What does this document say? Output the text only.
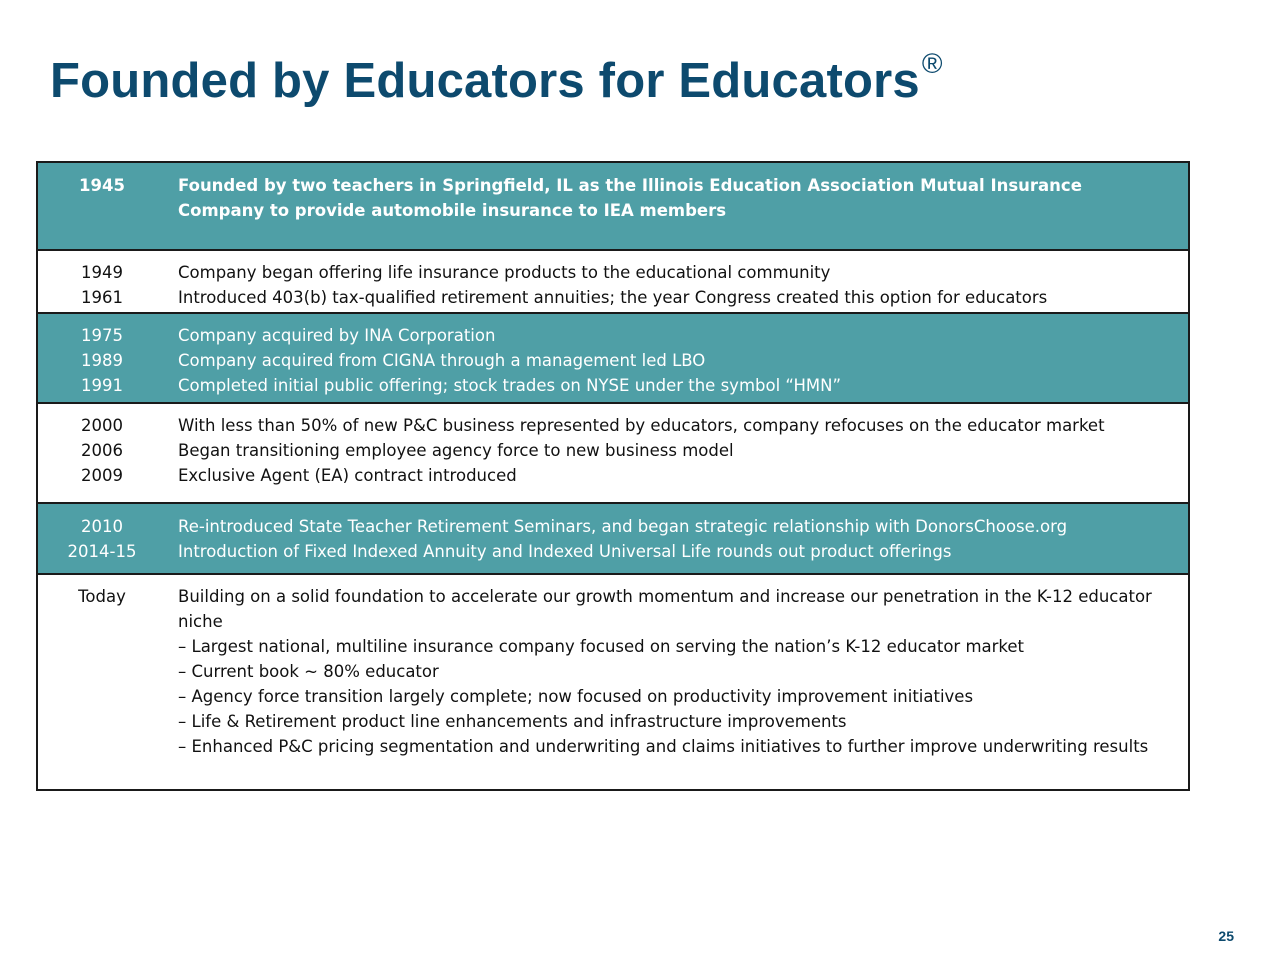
Founded by Educators for Educators®
1945	Founded by two teachers in Springfield, IL as the Illinois Education Association Mutual Insurance Company to provide automobile insurance to IEA members
1949	Company began offering life insurance products to the educational community
1961	Introduced 403(b) tax-qualified retirement annuities; the year Congress created this option for educators
1975	Company acquired by INA Corporation
1989	Company acquired from CIGNA through a management led LBO
1991	Completed initial public offering; stock trades on NYSE under the symbol “HMN”
2000	With less than 50% of new P&C business represented by educators, company refocuses on the educator market
2006	Began transitioning employee agency force to new business model
2009	Exclusive Agent (EA) contract introduced
2010	Re-introduced State Teacher Retirement Seminars, and began strategic relationship with DonorsChoose.org
2014-15	Introduction of Fixed Indexed Annuity and Indexed Universal Life rounds out product offerings
Today	Building on a solid foundation to accelerate our growth momentum and increase our penetration in the K-12 educator niche
– Largest national, multiline insurance company focused on serving the nation’s K-12 educator market
– Current book ~ 80% educator
– Agency force transition largely complete; now focused on productivity improvement initiatives
– Life & Retirement product line enhancements and infrastructure improvements
– Enhanced P&C pricing segmentation and underwriting and claims initiatives to further improve underwriting results
25
